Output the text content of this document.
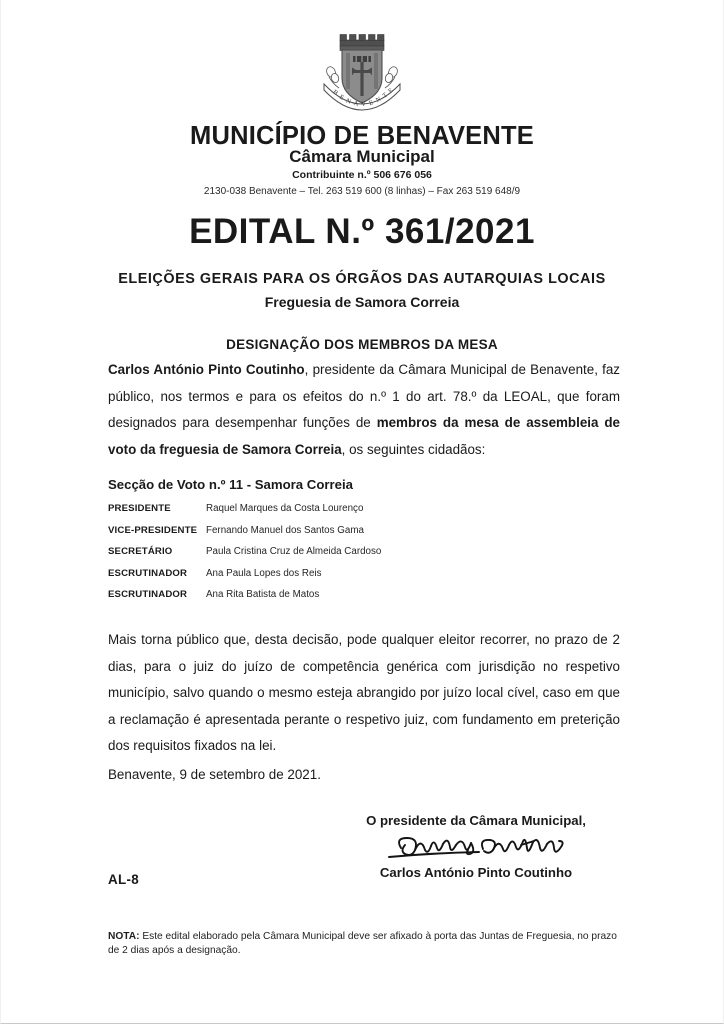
B E N A V E N T E
MUNICÍPIO DE BENAVENTE
Câmara Municipal
Contribuinte n.º 506 676 056
2130-038 Benavente – Tel. 263 519 600 (8 linhas) – Fax 263 519 648/9
EDITAL N.º 361/2021
ELEIÇÕES GERAIS PARA OS ÓRGÃOS DAS AUTARQUIAS LOCAIS
Freguesia de Samora Correia
DESIGNAÇÃO DOS MEMBROS DA MESA
Carlos António Pinto Coutinho, presidente da Câmara Municipal de Benavente, faz público, nos termos e para os efeitos do n.º 1 do art. 78.º da LEOAL, que foram designados para desempenhar funções de membros da mesa de assembleia de voto da freguesia de Samora Correia, os seguintes cidadãos:
Secção de Voto n.º 11 - Samora Correia
PRESIDENTE	Raquel Marques da Costa Lourenço
VICE-PRESIDENTE	Fernando Manuel dos Santos Gama
SECRETÁRIO	Paula Cristina Cruz de Almeida Cardoso
ESCRUTINADOR	Ana Paula Lopes dos Reis
ESCRUTINADOR	Ana Rita Batista de Matos
Mais torna público que, desta decisão, pode qualquer eleitor recorrer, no prazo de 2 dias, para o juiz do juízo de competência genérica com jurisdição no respetivo município, salvo quando o mesmo esteja abrangido por juízo local cível, caso em que a reclamação é apresentada perante o respetivo juiz, com fundamento em preterição dos requisitos fixados na lei.
Benavente, 9 de setembro de 2021.
O presidente da Câmara Municipal,
Carlos António Pinto Coutinho
AL-8
NOTA: Este edital elaborado pela Câmara Municipal deve ser afixado à porta das Juntas de Freguesia, no prazo de 2 dias após a designação.
